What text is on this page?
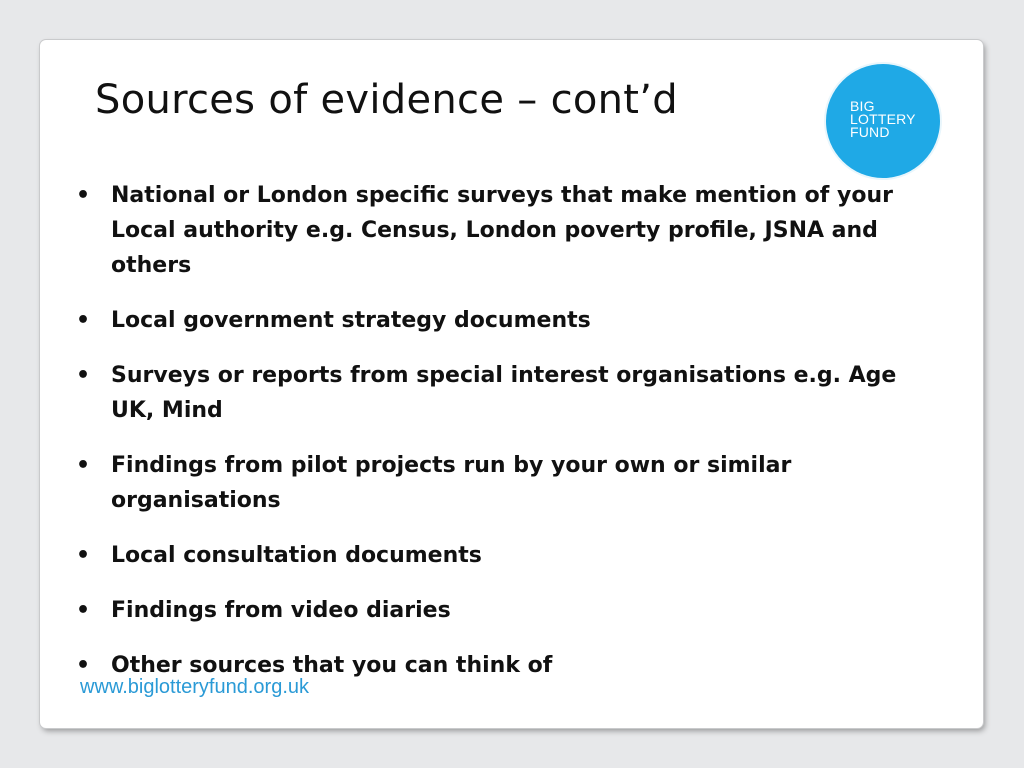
Sources of evidence – cont’d	BIG
LOTTERY
FUND
• National or London specific surveys that make mention of your Local authority e.g. Census, London poverty profile, JSNA and others
• Local government strategy documents
• Surveys or reports from special interest organisations e.g. Age UK, Mind
• Findings from pilot projects run by your own or similar organisations
• Local consultation documents
• Findings from video diaries
• Other sources that you can think of
www.biglotteryfund.org.uk
